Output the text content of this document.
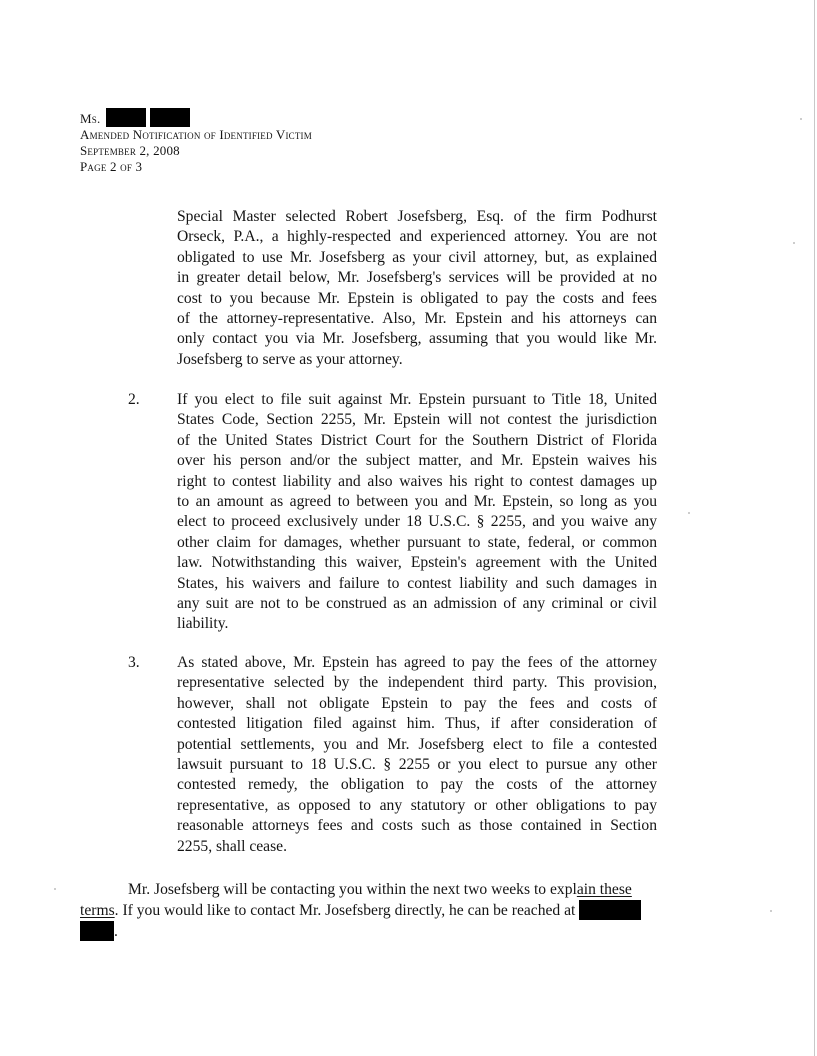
Ms.
Amended Notification of Identified Victim
September 2, 2008
Page 2 of 3
Special Master selected Robert Josefsberg, Esq. of the firm Podhurst
Orseck, P.A., a highly-respected and experienced attorney. You are not
obligated to use Mr. Josefsberg as your civil attorney, but, as explained
in greater detail below, Mr. Josefsberg's services will be provided at no
cost to you because Mr. Epstein is obligated to pay the costs and fees
of the attorney-representative. Also, Mr. Epstein and his attorneys can
only contact you via Mr. Josefsberg, assuming that you would like Mr.
Josefsberg to serve as your attorney.
2. If you elect to file suit against Mr. Epstein pursuant to Title 18, United
States Code, Section 2255, Mr. Epstein will not contest the jurisdiction
of the United States District Court for the Southern District of Florida
over his person and/or the subject matter, and Mr. Epstein waives his
right to contest liability and also waives his right to contest damages up
to an amount as agreed to between you and Mr. Epstein, so long as you
elect to proceed exclusively under 18 U.S.C. § 2255, and you waive any
other claim for damages, whether pursuant to state, federal, or common
law. Notwithstanding this waiver, Epstein's agreement with the United
States, his waivers and failure to contest liability and such damages in
any suit are not to be construed as an admission of any criminal or civil
liability.
3. As stated above, Mr. Epstein has agreed to pay the fees of the attorney
representative selected by the independent third party. This provision,
however, shall not obligate Epstein to pay the fees and costs of
contested litigation filed against him. Thus, if after consideration of
potential settlements, you and Mr. Josefsberg elect to file a contested
lawsuit pursuant to 18 U.S.C. § 2255 or you elect to pursue any other
contested remedy, the obligation to pay the costs of the attorney
representative, as opposed to any statutory or other obligations to pay
reasonable attorneys fees and costs such as those contained in Section
2255, shall cease.
Mr. Josefsberg will be contacting you within the next two weeks to explain these
terms. If you would like to contact Mr. Josefsberg directly, he can be reached at
.
